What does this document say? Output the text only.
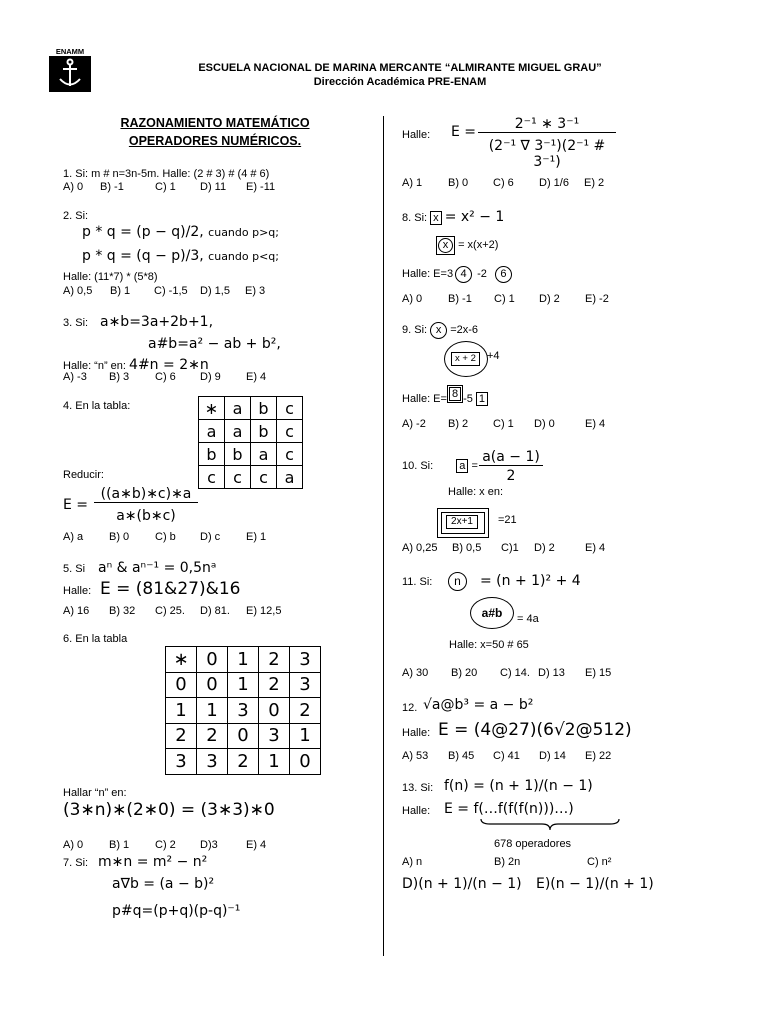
ENAMM
ESCUELA NACIONAL DE MARINA MERCANTE “ALMIRANTE MIGUEL GRAU”
Dirección Académica PRE-ENAM
RAZONAMIENTO MATEMÁTICO
OPERADORES NUMÉRICOS.
1. Si: m # n=3n-5m. Halle: (2 # 3) # (4 # 6)
A) 0 B) -1	C) 1 D) 11 E) -11
2. Si:
p * q = (p − q)/2, cuando p>q;
p * q = (q − p)/3, cuando p<q;
Halle: (11*7) * (5*8)
A) 0,5 B) 1 C) -1,5 D) 1,5 E) 3
3. Si: a∗b=3a+2b+1,
a#b=a² − ab + b²,
Halle: “n” en: 4#n = 2∗n
A) -3 B) 3 C) 6 D) 9 E) 4
4. En la tabla:	∗	a	b	c
a	a	b	c
b	b	a	c
c	c	c	a
Reducir:
E =
((a∗b)∗c)∗a
a∗(b∗c)
A) a B) 0 C) b D) c E) 1
5. Si aⁿ & aⁿ⁻¹ = 0,5nᵃ
Halle: E = (81&27)&16
A) 16 B) 32 C) 25. D) 81. E) 12,5
6. En la tabla
∗	0	1	2	3
0	0	1	2	3
1	1	3	0	2
2	2	0	3	1
3	3	2	1	0
Hallar “n” en:
(3∗n)∗(2∗0) = (3∗3)∗0
A) 0 B) 1 C) 2 D)3	E) 4
7. Si: m∗n = m² − n²
a∇b = (a − b)²
p#q=(p+q)(p-q)⁻¹
Halle: E =	2⁻¹ ∗ 3⁻¹
(2⁻¹ ∇ 3⁻¹)(2⁻¹ # 3⁻¹)
A) 1 B) 0 C) 6 D) 1/6 E) 2
8. Si: x = x² − 1
x = x(x+2)
Halle: E=3 4 -2 6
A) 0 B) -1 C) 1 D) 2 E) -2
9. Si: x =2x-6
x + 2	+4
Halle: E= 8 -5 1
A) -2 B) 2 C) 1 D) 0	E) 4
10. Si: a =
a(a − 1)
2
Halle: x en:
2x+1	=21
A) 0,25 B) 0,5 C)1 D) 2	E) 4
11. Si:	n	= (n + 1)² + 4
a#b	= 4a
Halle: x=50 # 65
A) 30 B) 20 C) 14. D) 13 E) 15
12. √a@b³ = a − b²
Halle: E = (4@27)(6√2@512)
A) 53 B) 45 C) 41 D) 14 E) 22
13. Si: f(n) = (n + 1)/(n − 1)
Halle: E = f(…f(f(f(n)))…)
678 operadores
A) n	B) 2n	C) n²
D)(n + 1)/(n − 1) E)(n − 1)/(n + 1)
